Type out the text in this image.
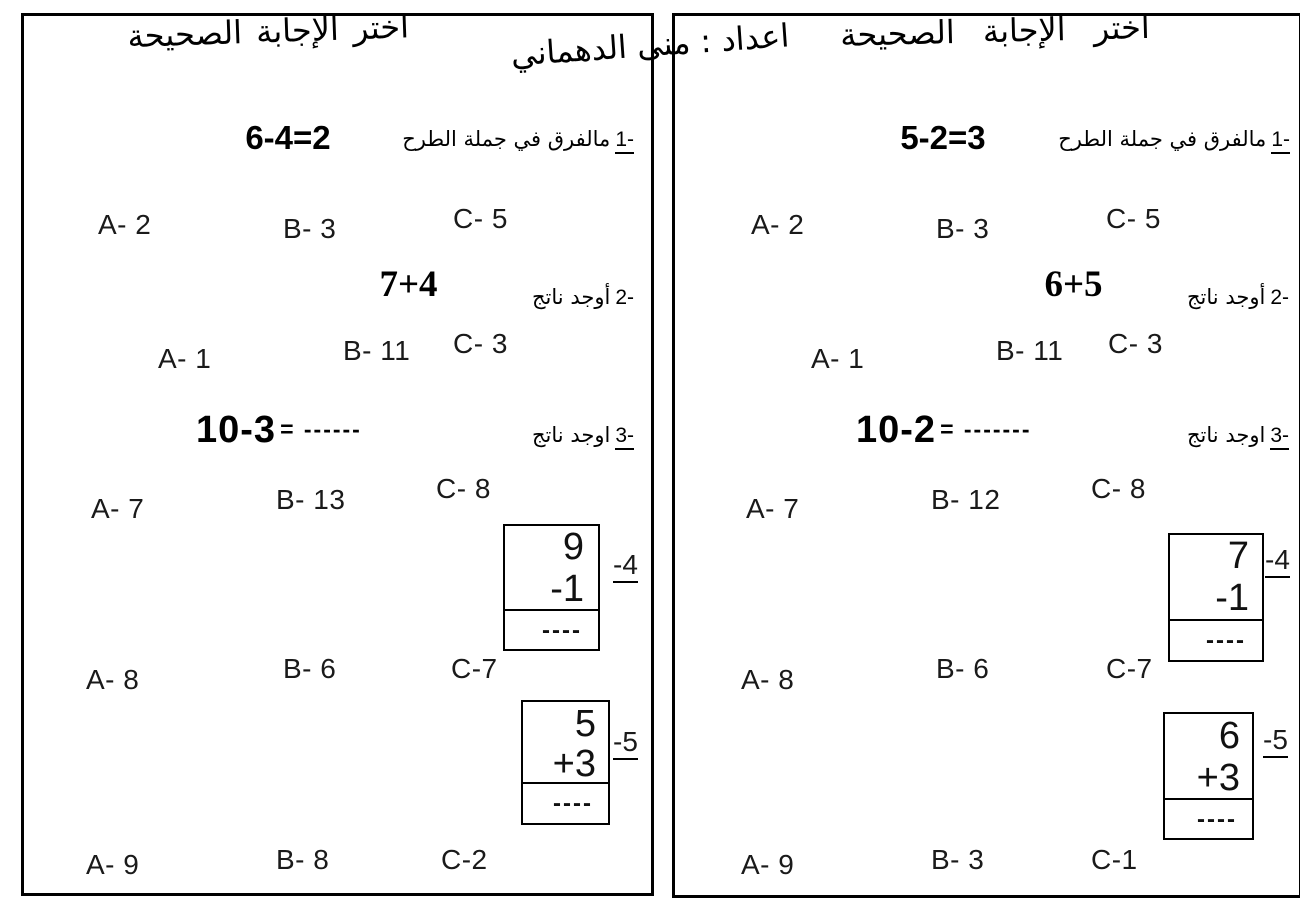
اختر الإجابة الصحيحة
1-مالفرق في جملة الطرح
5-2=3
A- 2	B- 3	C- 5
2-أوجد ناتج
6+5
A- 1	B- 11 C- 3
3-اوجد ناتج
10-2 = -------
A- 7	B- 12	C- 8
-4
7
-1
----
A- 8	B- 6	C-7
-5
6
+3
----
A- 9	B- 3	C-1
اختر الإجابة الصحيحة
1-مالفرق في جملة الطرح
6-4=2
A- 2	B- 3	C- 5
2-أوجد ناتج
7+4
A- 1	B- 11 C- 3
3-اوجد ناتج
10-3 = ------
A- 7	B- 13	C- 8
-4
9
-1
----
A- 8	B- 6	C-7
-5
5
+3
----
A- 9	B- 8	C-2
اعداد : منى الدهماني
